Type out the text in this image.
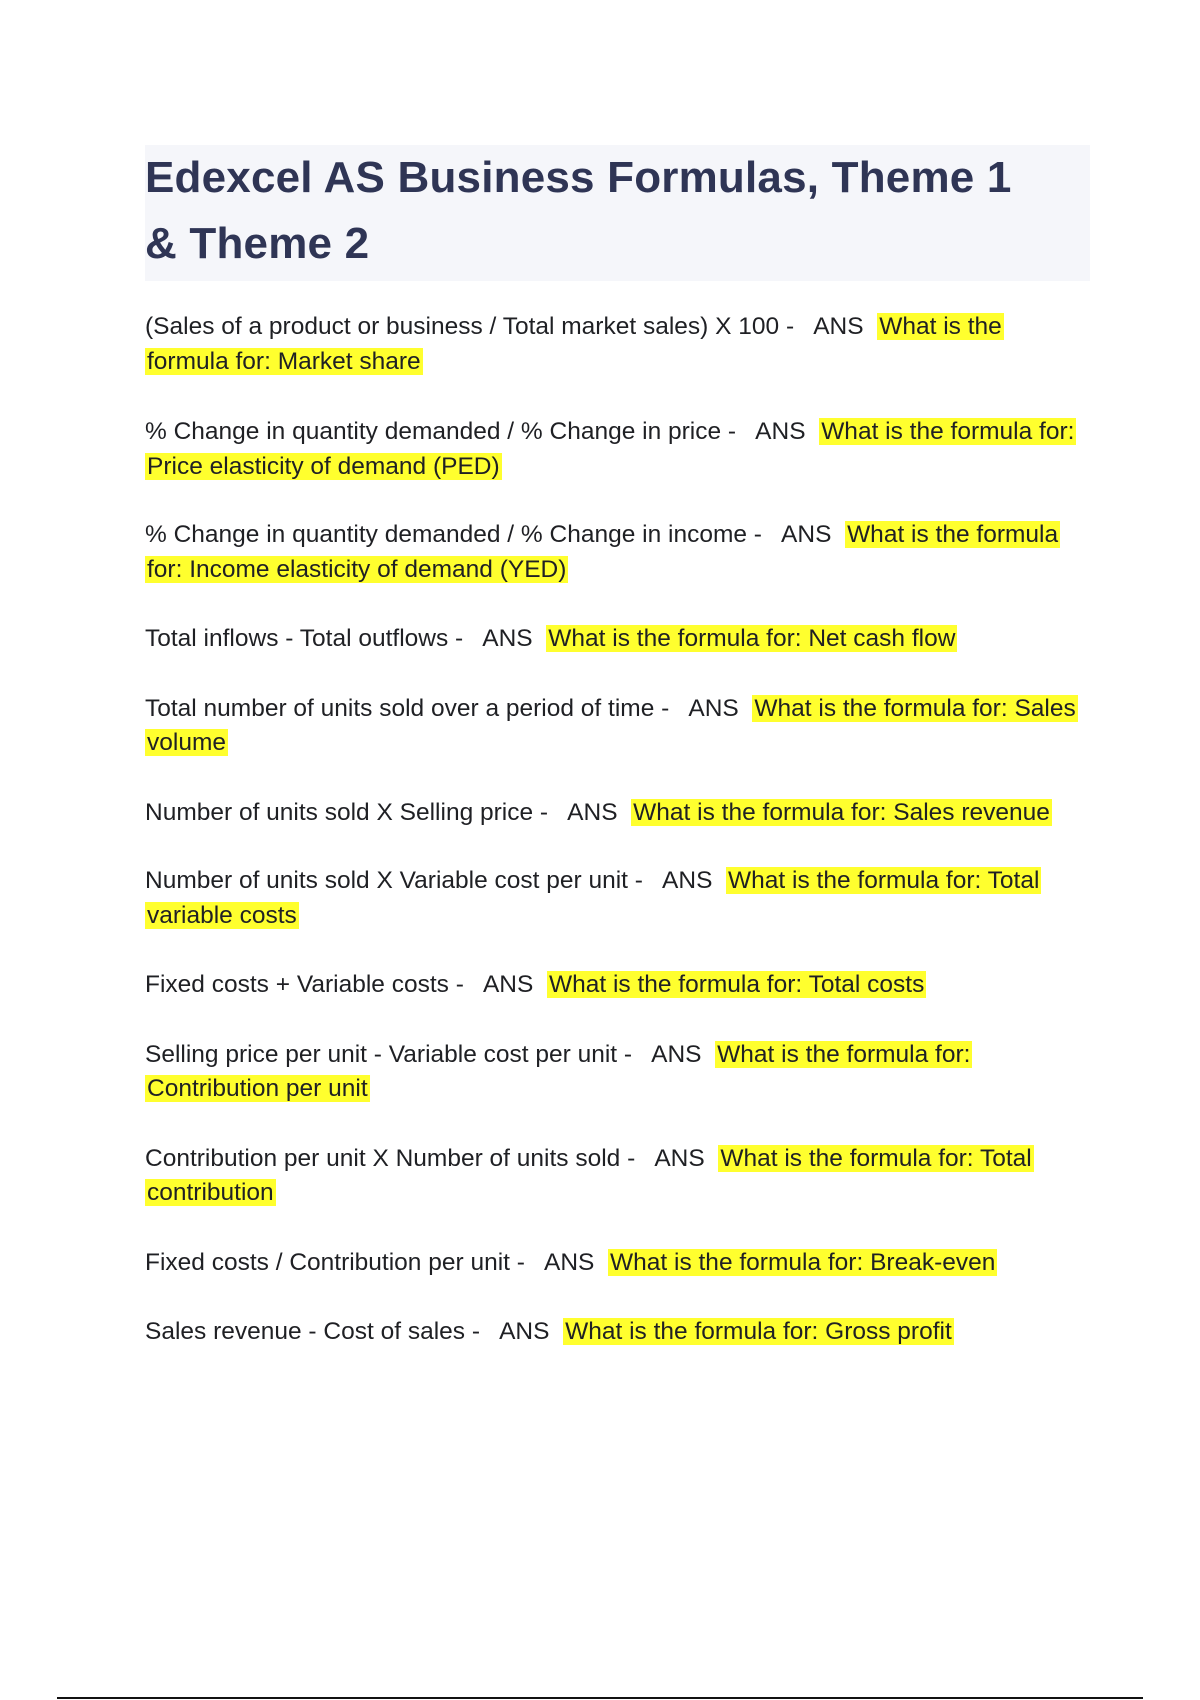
Edexcel AS Business Formulas, Theme 1
& Theme 2

(Sales of a product or business / Total market sales) X 100 - ANS What is the formula for: Market share

% Change in quantity demanded / % Change in price - ANS What is the formula for: Price elasticity of demand (PED)

% Change in quantity demanded / % Change in income - ANS What is the formula for: Income elasticity of demand (YED)

Total inflows - Total outflows - ANS What is the formula for: Net cash flow

Total number of units sold over a period of time - ANS What is the formula for: Sales volume

Number of units sold X Selling price - ANS What is the formula for: Sales revenue

Number of units sold X Variable cost per unit - ANS What is the formula for: Total variable costs

Fixed costs + Variable costs - ANS What is the formula for: Total costs

Selling price per unit - Variable cost per unit - ANS What is the formula for: Contribution per unit

Contribution per unit X Number of units sold - ANS What is the formula for: Total contribution

Fixed costs / Contribution per unit - ANS What is the formula for: Break-even

Sales revenue - Cost of sales - ANS What is the formula for: Gross profit
